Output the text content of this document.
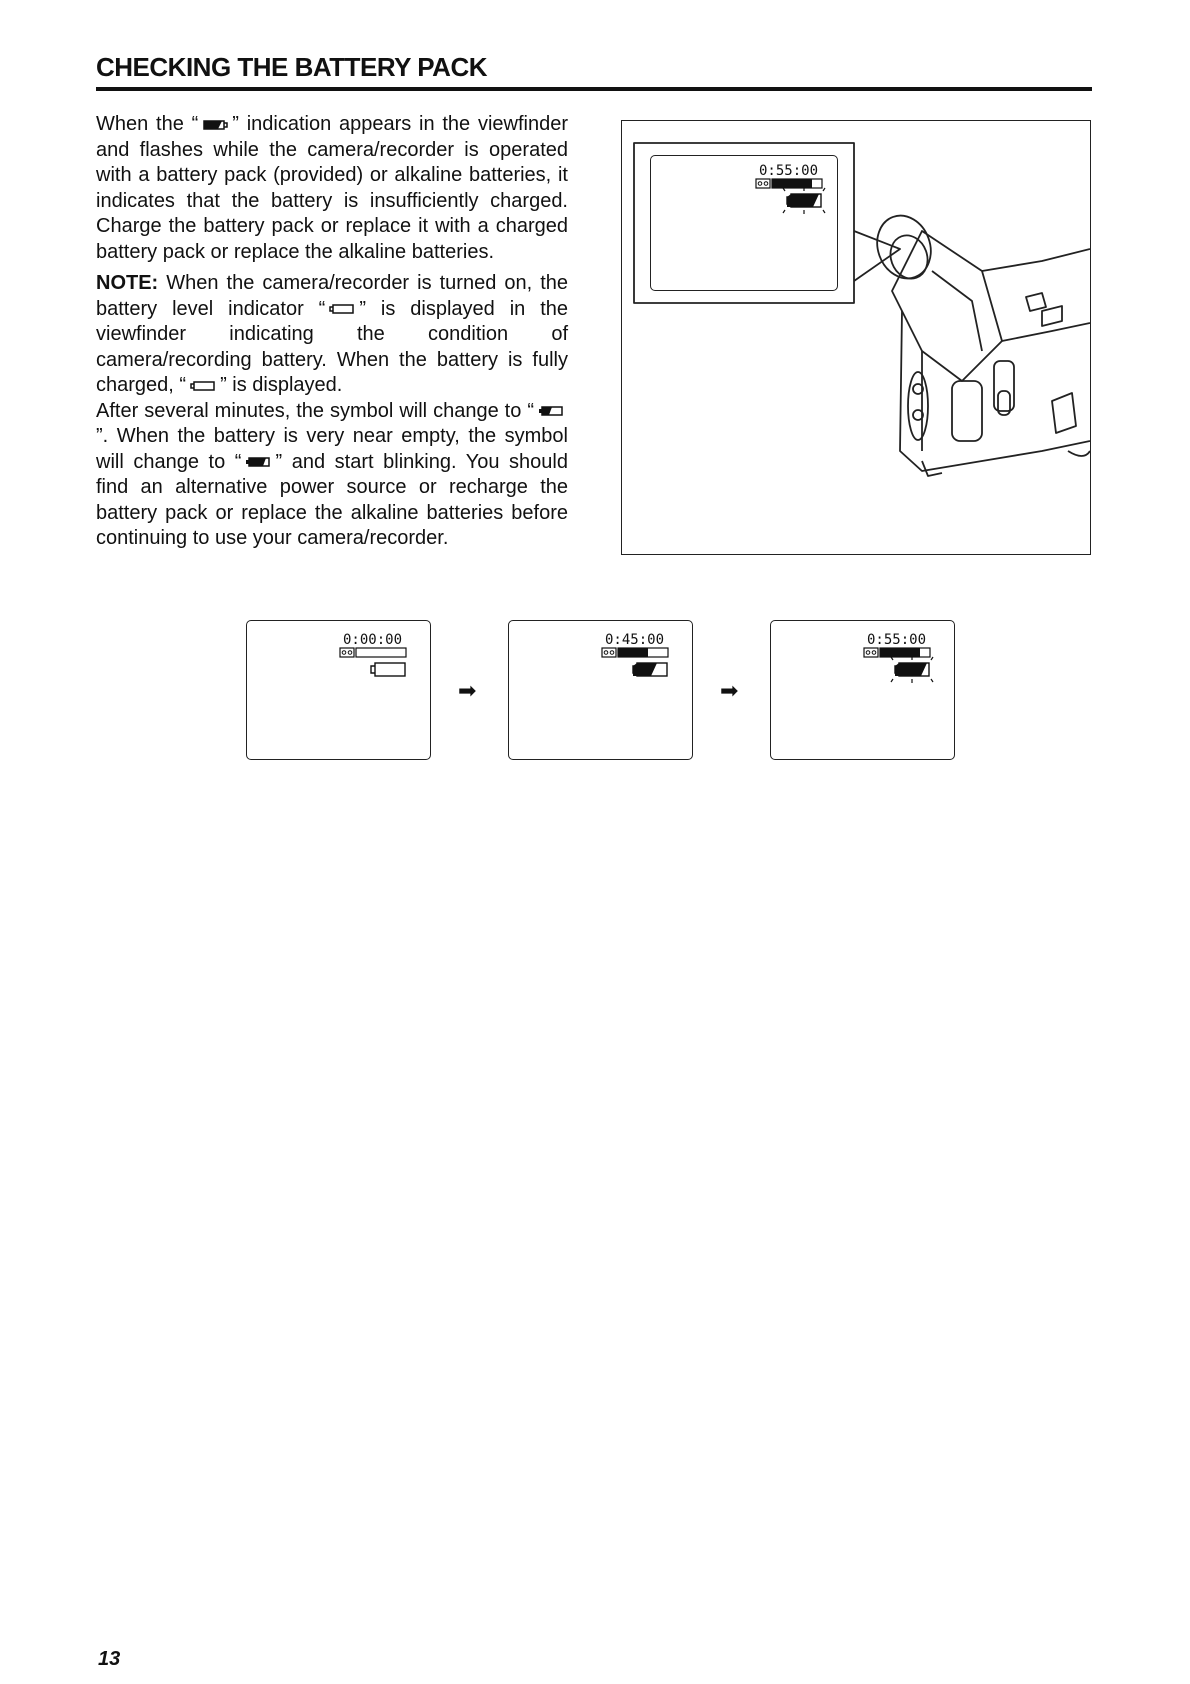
CHECKING THE BATTERY PACK

When the “ ” indication appears in the viewfinder and flashes while the camera/recorder is operated with a battery pack (provided) or alkaline batteries, it indicates that the battery is insufficiently charged. Charge the battery pack or replace it with a charged battery pack or replace the alkaline batteries.

NOTE: When the camera/recorder is turned on, the battery level indicator “ ” is displayed in the viewfinder indicating the condition of camera/recording battery. When the battery is fully charged, “ ” is displayed.
After several minutes, the symbol will change to “”. When the battery is very near empty, the symbol will change to “ ” and start blinking. You should find an alternative power source or recharge the battery pack or replace the alkaline batteries before continuing to use your camera/recorder.

0:55:00
0:00:00
➡
0:45:00
➡
0:55:00
13
